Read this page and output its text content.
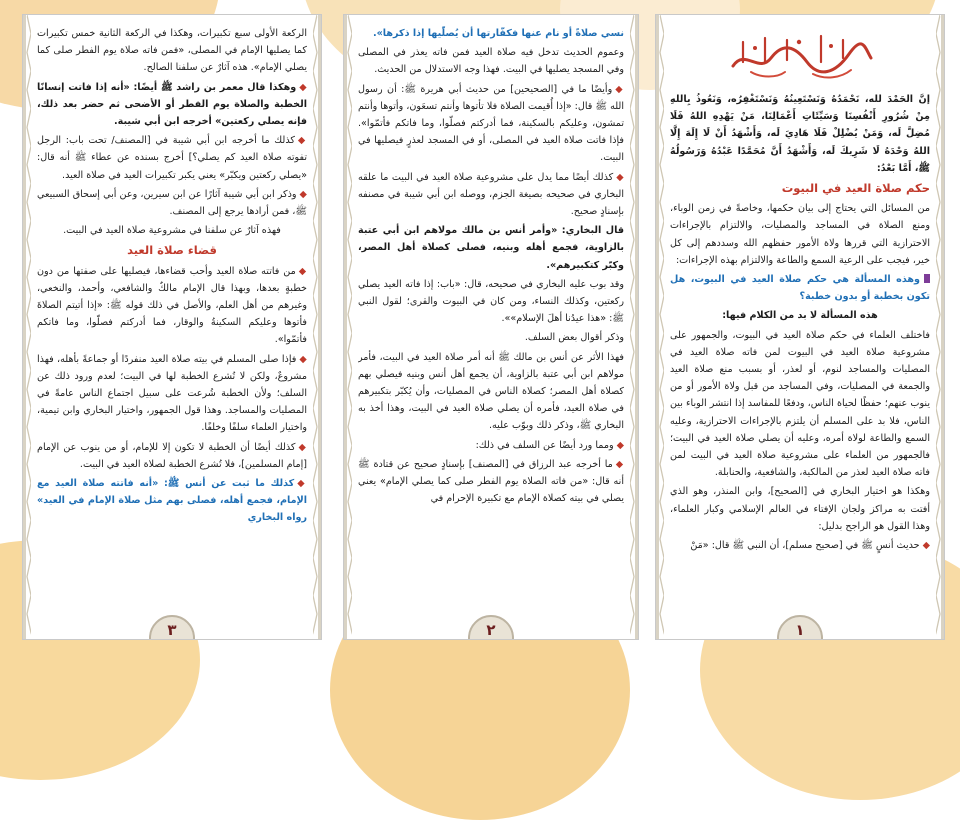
الركعة الأولى سبع تكبيرات، وهكذا في الركعة الثانية خمس تكبيرات كما يصليها الإمام في المصلى، «فمن فاته صلاة يوم الفطر صلى كما يصلي الإمام». هذه آثارٌ عن سلفنا الصالح.

◆وهكذا قال معمر بن راشد ﷺ أيضًا: «أنه إذا فاتت إنسانًا الخطبة والصلاة يوم الفطر أو الأضحى ثم حضر بعد ذلك، فإنه يصلي ركعتين» أخرجه ابن أبي شيبة.

◆كذلك ما أخرجه ابن أبي شيبة في [المصنف/ تحت باب: الرجل تفوته صلاة العيد كم يصلي؟] أخرج بسنده عن عطاء ﷺ أنه قال: «يصلي ركعتين ويكبّر» يعني يكبر تكبيرات العيد في صلاة العيد.

◆وذكر ابن أبي شيبة آثارًا عن ابن سيرين، وعن أبي إسحاق السبيعي ﷺ، فمن أرادها يرجع إلى المصنف.

فهذه آثارٌ عن سلفنا في مشروعية صلاة العيد في البيت.

قضاء صلاة العيد

◆من فاتته صلاة العيد وأحب قضاءها، فيصليها على صفتها من دون خطبةٍ بعدها، وبهذا قال الإمام مالكٌ والشافعي، وأحمد، والنخعي، وغيرهم من أهل العلم، والأصل في ذلك قوله ﷺ: «إذا أتيتم الصلاةَ فأتوها وعليكم السكينةُ والوقار، فما أدركتم فصلّوا، وما فاتكم فأتمّوا».

◆فإذا صلى المسلم في بيته صلاة العيد منفردًا أو جماعةً بأهله، فهذا مشروعٌ، ولكن لا تُشرع الخطبة لها في البيت؛ لعدم ورود ذلك عن السلف؛ ولأن الخطبة شُرعت على سبيل اجتماع الناس عامةً في المصليات والمساجد. وهذا قول الجمهور، واختيار البخاري وابن تيمية، واختيار العلماء سلفًا وخلفًا.

◆كذلك أيضًا أن الخطبة لا تكون إلا للإمام، أو من ينوب عن الإمام [إمام المسلمين]، فلا تُشرع الخطبة لصلاة العيد في البيت.

◆كذلك ما ثبت عن أنس ﷺ: «أنه فاتته صلاة العيد مع الإمام، فجمع أهله، فصلى بهم مثل صلاة الإمام في العيد» رواه البخاري

٣

نسي صلاةً أو نام عنها فكفّارتها أن يُصلّيها إذا ذكرها».

وعموم الحديث تدخل فيه صلاة العيد فمن فاته يعذر في المصلى وفي المسجد يصليها في البيت. فهذا وجه الاستدلال من الحديث.

◆وأيضًا ما في [الصحيحين] من حديث أبي هريرة ﷺ: أن رسول الله ﷺ قال: «إذا أُقيمت الصلاة فلا تأتوها وأنتم تسعَون، وأتوها وأنتم تمشون، وعليكم بالسكينة، فما أدركتم فصلّوا، وما فاتكم فأتمّوا». فإذا فاتت صلاة العيد في المصلى، أو في المسجد لعذرٍ فيصليها في البيت.

◆كذلك أيضًا مما يدل على مشروعية صلاة العيد في البيت ما علقه البخاري في صحيحه بصيغة الجزم، ووصله ابن أبي شيبة في مصنفه بإسنادٍ صحيح.

قال البخاري: «وأمر أنس بن مالك مولاهم ابن أبي عتبة بالزاوية، فجمع أهله وبنيه، فصلى كصلاة أهل المصر، وكبّر كتكبيرهم».

وقد بوب عليه البخاري في صحيحه، قال: «باب: إذا فاته العيد يصلي ركعتين، وكذلك النساء، ومن كان في البيوت والقرى؛ لقول النبي ﷺ: «هذا عيدُنا أهلَ الإسلام»».

وذكر أقوال بعض السلف.

فهذا الأثر عن أنس بن مالك ﷺ أنه أمر صلاة العيد في البيت، فأمر مولاهم ابن أبي عتبة بالزاوية، أن يجمع أهل أنس وبنيه فيصلي بهم كصلاة أهل المصر؛ كصلاة الناس في المصليات، وأن يُكبّر بتكبيرهم في صلاة العيد، فأمره أن يصلي صلاة العيد في البيت، وهذا أخذ به البخاري ﷺ، وذكر ذلك وبوّب عليه.

◆ومما ورد أيضًا عن السلف في ذلك:

◆ما أخرجه عبد الرزاق في [المصنف] بإسنادٍ صحيح عن قتادة ﷺ أنه قال: «من فاته الصلاة يوم الفطر صلى كما يصلي الإمام» يعني يصلي في بيته كصلاة الإمام مع تكبيرة الإحرام في

٢

إنَّ الحَمْدَ لله، نَحْمَدُهُ وَنَسْتَعِينُهُ وَنَسْتَغْفِرُه، وَنَعُوذُ بِاللهِ مِنْ شُرُورِ أَنْفُسِنَا وَسَيِّئَاتِ أَعْمَالِنَا، مَنْ يَهْدِهِ اللهُ فَلَا مُضِلَّ لَه، وَمَنْ يُضْلِلْ فَلَا هَادِيَ لَه، وَأَشْهَدُ أَنْ لَا إِلَهَ إِلَّا اللهُ وَحْدَهُ لَا شَرِيكَ لَه، وَأَشْهَدُ أَنَّ مُحَمَّدًا عَبْدُهُ وَرَسُولُهُ ﷺ، أَمَّا بَعْدُ:

حكم صلاة العيد في البيوت

من المسائل التي يحتاج إلى بيان حكمها، وخاصةً في زمن الوباء، ومنع الصلاة في المساجد والمصليات، والالتزام بالإجراءات الاحترازية التي قررها ولاة الأمور حفظهم الله وسددهم إلى كل خير، فيجب على الرعية السمع والطاعة والالتزام بهذه الإجراءات:

وهذه المسألة هي حكم صلاة العيد في البيوت، هل تكون بخطبة أو بدون خطبة؟

هذه المسألة لا بد من الكلام فيها:

فاختلف العلماء في حكم صلاة العيد في البيوت، والجمهور على مشروعية صلاة العيد في البيوت لمن فاته صلاة العيد في المصليات والمساجد لنوم، أو لعذر، أو بسبب منع صلاة العيد والجمعة في المصليات، وفي المساجد من قبل ولاة الأمور أو من ينوب عنهم؛ حفظًا لحياة الناس، ودفعًا للمفاسد إذا انتشر الوباء بين الناس، فلا بد على المسلم أن يلتزم بالإجراءات الاحترازية، وعليه السمع والطاعة لولاة أمره، وعليه أن يصلي صلاة العيد في البيت؛ فالجمهور من العلماء على مشروعية صلاة العيد في البيت لمن فاته صلاة العيد لعذر من المالكية، والشافعية، والحنابلة.

وهكذا هو اختيار البخاري في [الصحيح]، وابن المنذر، وهو الذي أفتت به مراكز ولجان الإفتاء في العالم الإسلامي وكبار العلماء، وهذا القول هو الراجح بدليل:

◆حديث أنسٍ ﷺ في [صحيح مسلم]، أن النبي ﷺ قال: «مَنْ

١
